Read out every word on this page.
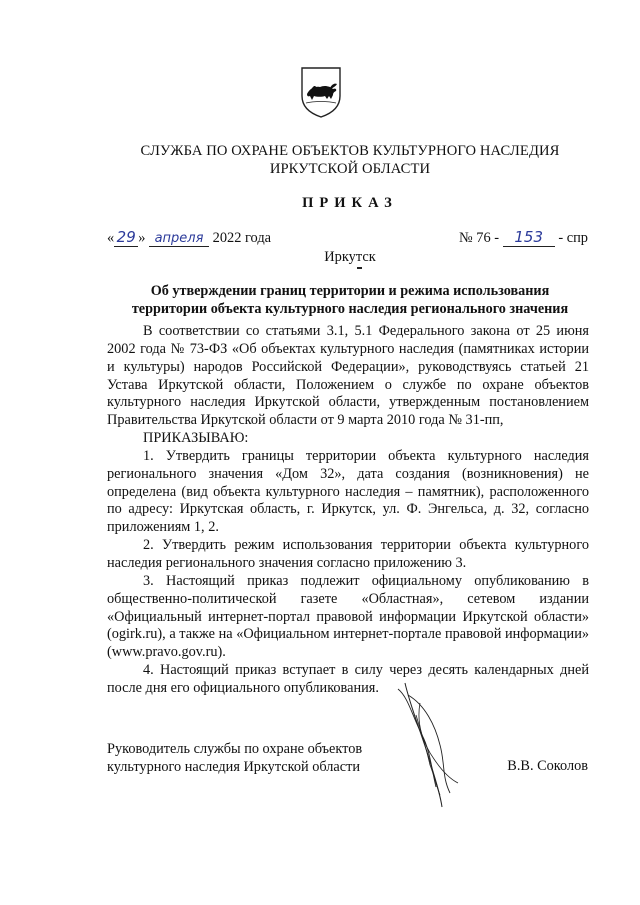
СЛУЖБА ПО ОХРАНЕ ОБЪЕКТОВ КУЛЬТУРНОГО НАСЛЕДИЯ
ИРКУТСКОЙ ОБЛАСТИ
ПРИКАЗ
« 29 » апреля 2022 года	№ 76 - 153 - спр
Иркутск
Об утверждении границ территории и режима использования
территории объекта культурного наследия регионального значения

В соответствии со статьями 3.1, 5.1 Федерального закона от 25 июня 2002 года № 73-ФЗ «Об объектах культурного наследия (памятниках истории и культуры) народов Российской Федерации», руководствуясь статьей 21 Устава Иркутской области, Положением о службе по охране объектов культурного наследия Иркутской области, утвержденным постановлением Правительства Иркутской области от 9 марта 2010 года № 31-пп,

ПРИКАЗЫВАЮ:

1. Утвердить границы территории объекта культурного наследия регионального значения «Дом 32», дата создания (возникновения) не определена (вид объекта культурного наследия – памятник), расположенного по адресу: Иркутская область, г. Иркутск, ул. Ф. Энгельса, д. 32, согласно приложениям 1, 2.

2. Утвердить режим использования территории объекта культурного наследия регионального значения согласно приложению 3.

3. Настоящий приказ подлежит официальному опубликованию в общественно-политической газете «Областная», сетевом издании «Официальный интернет-портал правовой информации Иркутской области» (ogirk.ru), а также на «Официальном интернет-портале правовой информации» (www.pravo.gov.ru).

4. Настоящий приказ вступает в силу через десять календарных дней после дня его официального опубликования.

Руководитель службы по охране объектов
культурного наследия Иркутской области	В.В. Соколов
